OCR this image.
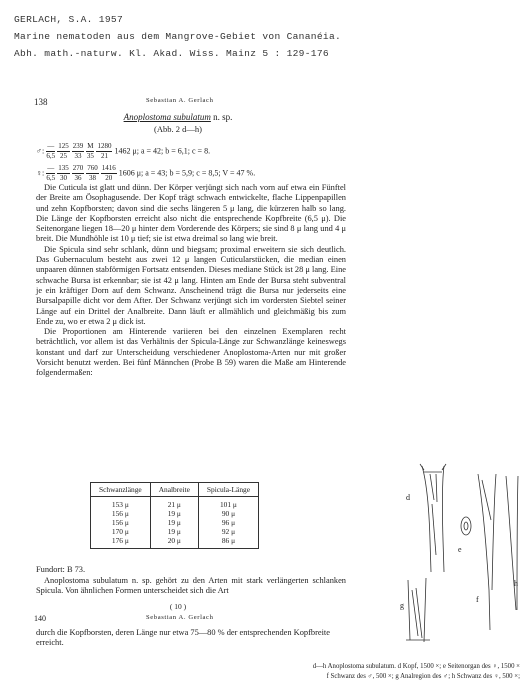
GERLACH, S.A. 1957
Marine nematoden aus dem Mangrove-Gebiet von Cananéia.
Abh. math.-naturw. Kl. Akad. Wiss. Mainz 5 : 129-176
138	Sebastian A. Gerlach
Anoplostoma subulatum n. sp.
(Abb. 2 d—h)
♂: $\frac{—}{6,5}$
$\frac{125}{25}$
$\frac{239}{33}$
$\frac{M}{35}$
$\frac{1280}{21} 1462$ μ; a = 42; b = 6,1; c = 8.
♀: $\frac{—}{6,5}$
$\frac{135}{30}$
$\frac{270}{36}$
$\frac{760}{38}$
$\frac{1416}{20} 1606$ μ; a = 43; b = 5,9; c = 8,5; V = 47 %.

Die Cuticula ist glatt und dünn. Der Körper verjüngt sich nach vorn auf etwa ein Fünftel der Breite am Ösophagusende. Der Kopf trägt schwach entwickelte, flache Lippenpapillen und zehn Kopfborsten; davon sind die sechs längeren 5 μ lang, die kürzeren halb so lang. Die Länge der Kopfborsten erreicht also nicht die entsprechende Kopfbreite (6,5 μ). Die Seitenorgane liegen 18—20 μ hinter dem Vorderende des Körpers; sie sind 8 μ lang und 4 μ breit. Die Mundhöhle ist 10 μ tief; sie ist etwa dreimal so lang wie breit.

Die Spicula sind sehr schlank, dünn und biegsam; proximal erweitern sie sich deutlich. Das Gubernaculum besteht aus zwei 12 μ langen Cuticularstücken, die median einen unpaaren dünnen stabförmigen Fortsatz entsenden. Dieses mediane Stück ist 28 μ lang. Eine schwache Bursa ist erkennbar; sie ist 42 μ lang. Hinten am Ende der Bursa steht subventral je ein kräftiger Dorn auf dem Schwanz. Anscheinend trägt die Bursa nur jederseits eine Bursalpapille dicht vor dem After. Der Schwanz verjüngt sich im vordersten Siebtel seiner Länge auf ein Drittel der Analbreite. Dann läuft er allmählich und gleichmäßig bis zum Ende zu, wo er etwa 2 μ dick ist.

Die Proportionen am Hinterende variieren bei den einzelnen Exemplaren recht beträchtlich, vor allem ist das Verhältnis der Spicula-Länge zur Schwanzlänge keineswegs konstant und darf zur Unterscheidung verschiedener Anoplostoma-Arten nur mit großer Vorsicht benutzt werden. Bei fünf Männchen (Probe B 59) waren die Maße am Hinterende folgendermaßen:

Schwanzlänge	Analbreite	Spicula-Länge
153 μ	21 μ	101 μ
156 μ	19 μ	90 μ
156 μ	19 μ	96 μ
170 μ	19 μ	92 μ
176 μ	20 μ	86 μ
Fundort: B 73.

Anoplostoma subulatum n. sp. gehört zu den Arten mit stark verlängerten schlanken Spicula. Von ähnlichen Formen unterscheidet sich die Art

( 10 )
140	Sebastian A. Gerlach
durch die Kopfborsten, deren Länge nur etwa 75—80 % der entsprechenden Kopfbreite erreicht.
d
e
f
g
h
d—h Anoplostoma subulatum. d Kopf, 1500 ×; e Seitenorgan des ♀, 1500 ×
f Schwanz des ♂, 500 ×; g Analregion des ♂; h Schwanz des ♀, 500 ×;
